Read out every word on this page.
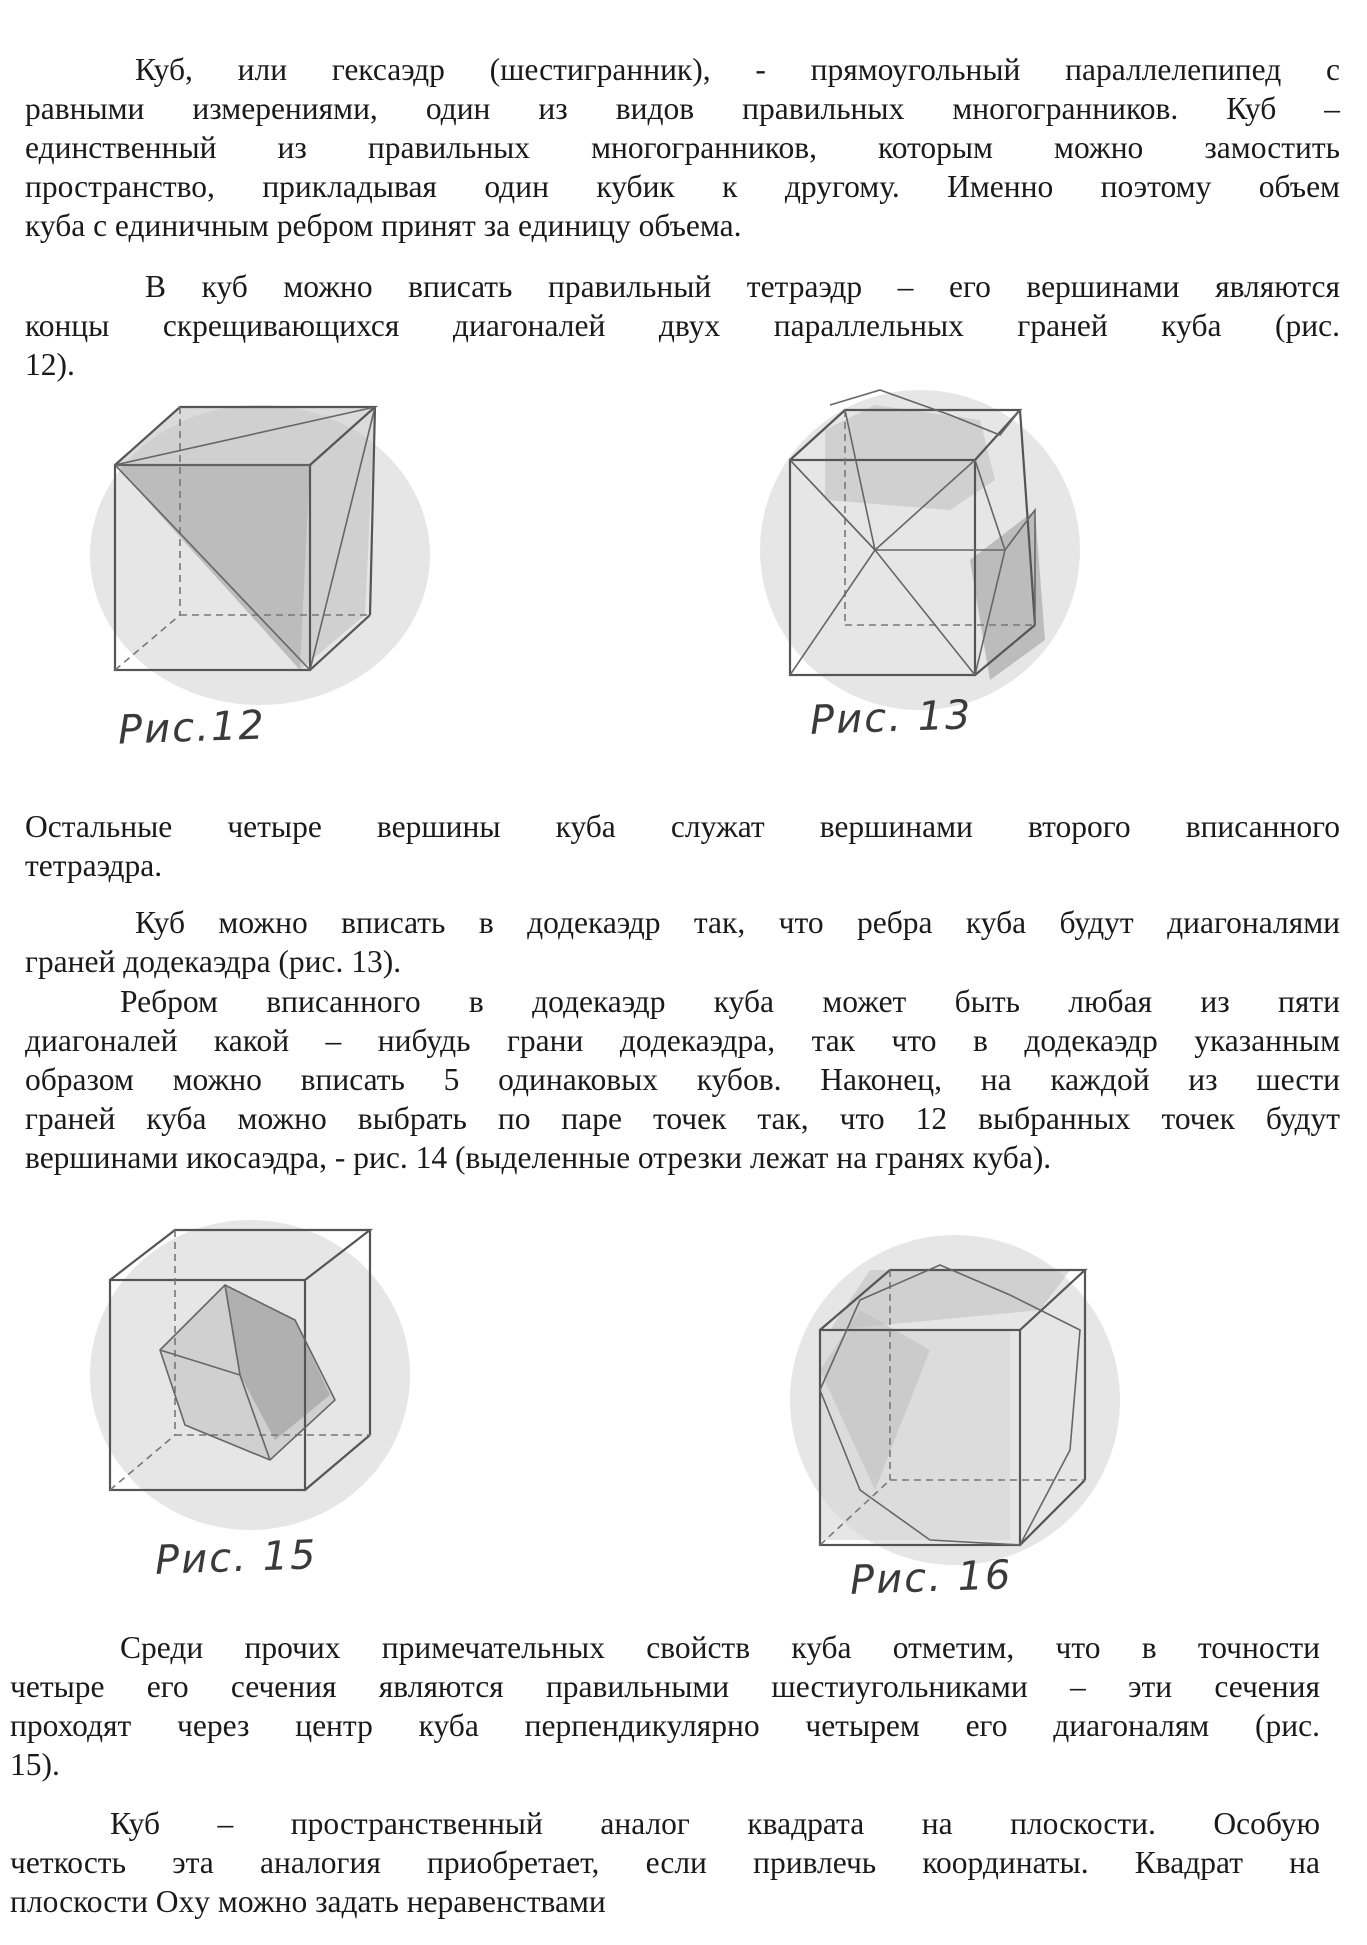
Куб, или гексаэдр (шестигранник), - прямоугольный параллелепипед с
равными измерениями, один из видов правильных многогранников. Куб –
единственный из правильных многогранников, которым можно замостить
пространство, прикладывая один кубик к другому. Именно поэтому объем
куба с единичным ребром принят за единицу объема.
В куб можно вписать правильный тетраэдр – его вершинами являются
концы скрещивающихся диагоналей двух параллельных граней куба (рис.
12).
Рис.12	Рис. 13
Остальные четыре вершины куба служат вершинами второго вписанного
тетраэдра.
Куб можно вписать в додекаэдр так, что ребра куба будут диагоналями
граней додекаэдра (рис. 13).
Ребром вписанного в додекаэдр куба может быть любая из пяти
диагоналей какой – нибудь грани додекаэдра, так что в додекаэдр указанным
образом можно вписать 5 одинаковых кубов. Наконец, на каждой из шести
граней куба можно выбрать по паре точек так, что 12 выбранных точек будут
вершинами икосаэдра, - рис. 14 (выделенные отрезки лежат на гранях куба).
Рис. 15	Рис. 16
Среди прочих примечательных свойств куба отметим, что в точности
четыре его сечения являются правильными шестиугольниками – эти сечения
проходят через центр куба перпендикулярно четырем его диагоналям (рис.
15).
Куб – пространственный аналог квадрата на плоскости. Особую
четкость эта аналогия приобретает, если привлечь координаты. Квадрат на
плоскости Oxy можно задать неравенствами
